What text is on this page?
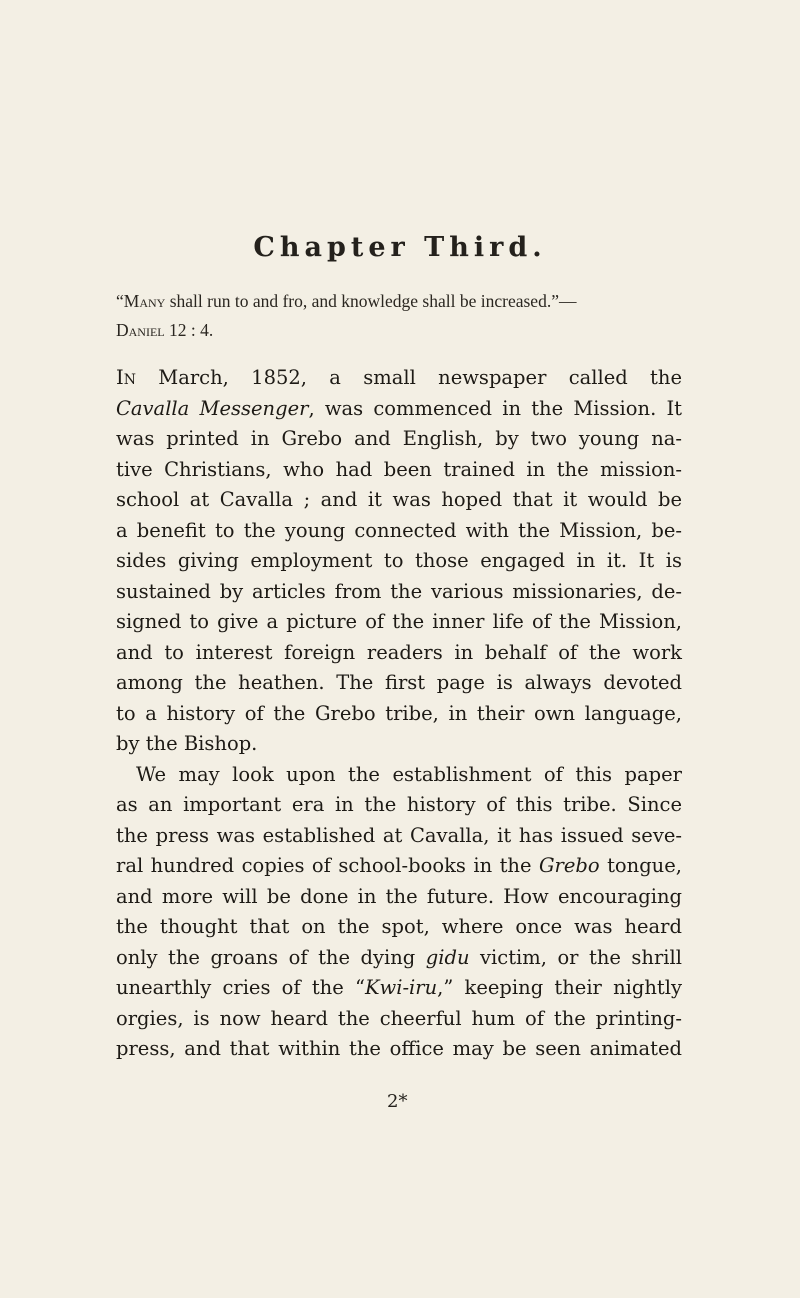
Chapter Third.
“Many shall run to and fro, and knowledge shall be increased.”—
Daniel 12 : 4.
In March, 1852, a small newspaper called the
Cavalla Messenger, was commenced in the Mission. It
was printed in Grebo and English, by two young na-
tive Christians, who had been trained in the mission-
school at Cavalla ; and it was hoped that it would be
a benefit to the young connected with the Mission, be-
sides giving employment to those engaged in it. It is
sustained by articles from the various missionaries, de-
signed to give a picture of the inner life of the Mission,
and to interest foreign readers in behalf of the work
among the heathen. The first page is always devoted
to a history of the Grebo tribe, in their own language,
by the Bishop.
We may look upon the establishment of this paper
as an important era in the history of this tribe. Since
the press was established at Cavalla, it has issued seve-
ral hundred copies of school-books in the Grebo tongue,
and more will be done in the future. How encouraging
the thought that on the spot, where once was heard
only the groans of the dying gidu victim, or the shrill
unearthly cries of the “Kwi-iru,” keeping their nightly
orgies, is now heard the cheerful hum of the printing-
press, and that within the office may be seen animated
2*
